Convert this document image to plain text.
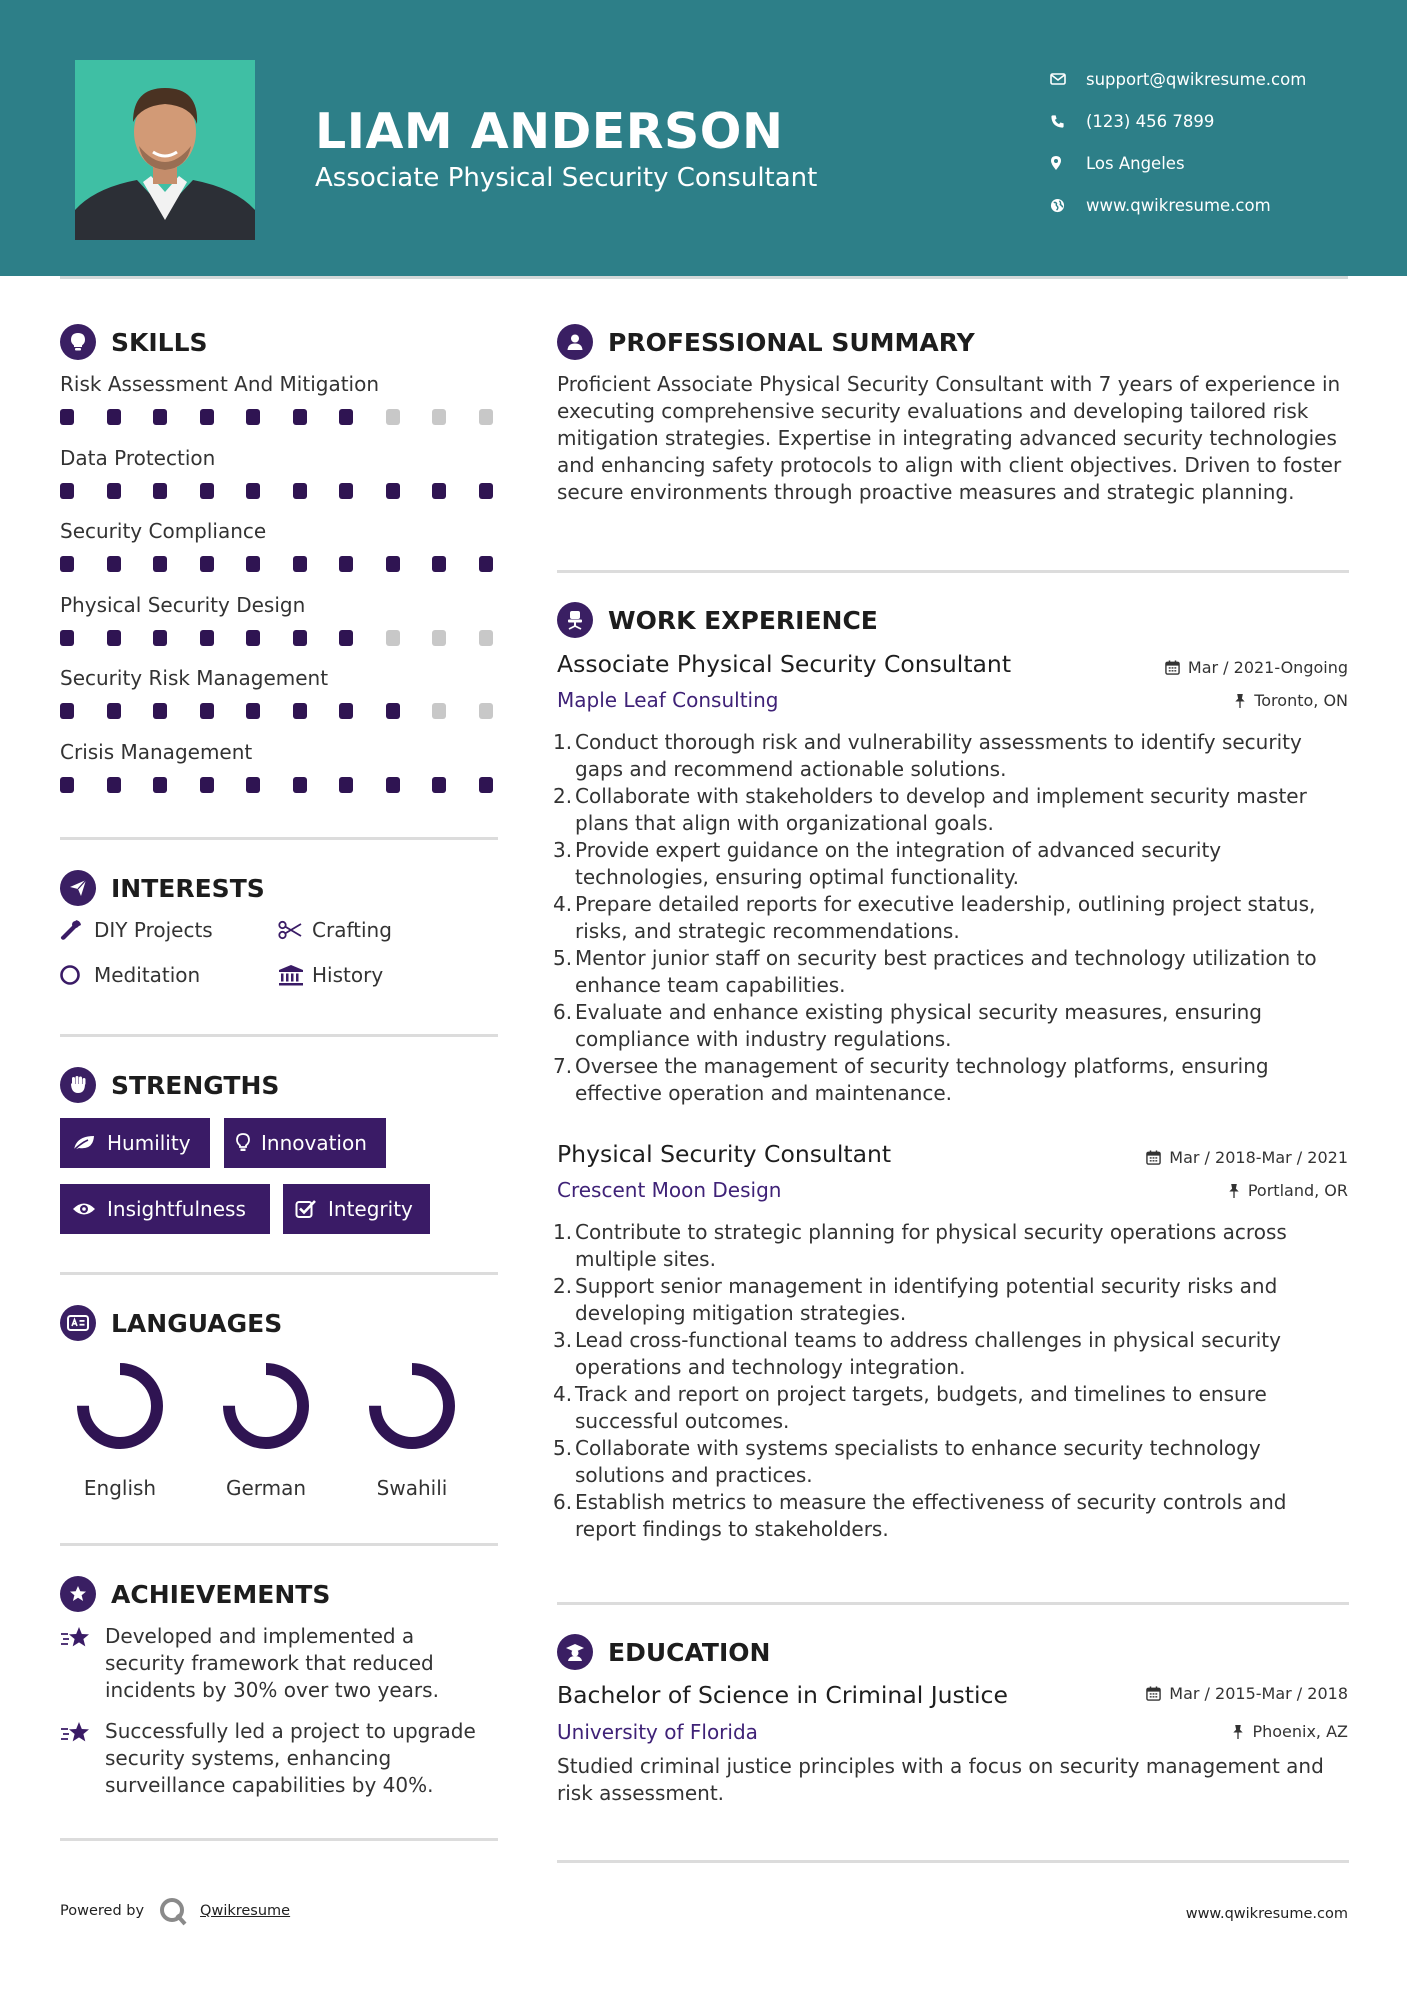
LIAM ANDERSON
Associate Physical Security Consultant
support@qwikresume.com
(123) 456 7899
Los Angeles
www.qwikresume.com
SKILLS
Risk Assessment And Mitigation
Data Protection
Security Compliance
Physical Security Design
Security Risk Management
Crisis Management
INTERESTS
DIY Projects	Crafting
Meditation	History
STRENGTHS
Humility	Innovation
Insightfulness	Integrity
LANGUAGES
English	German	Swahili
ACHIEVEMENTS
Developed and implemented a security framework that reduced incidents by 30% over two years.
Successfully led a project to upgrade security systems, enhancing surveillance capabilities by 40%.
PROFESSIONAL SUMMARY
Proficient Associate Physical Security Consultant with 7 years of experience in executing comprehensive security evaluations and developing tailored risk mitigation strategies. Expertise in integrating advanced security technologies and enhancing safety protocols to align with client objectives. Driven to foster secure environments through proactive measures and strategic planning.
WORK EXPERIENCE
Associate Physical Security Consultant	Mar / 2021-Ongoing
Maple Leaf Consulting	Toronto, ON
Conduct thorough risk and vulnerability assessments to identify security gaps and recommend actionable solutions.
Collaborate with stakeholders to develop and implement security master plans that align with organizational goals.
Provide expert guidance on the integration of advanced security technologies, ensuring optimal functionality.
Prepare detailed reports for executive leadership, outlining project status, risks, and strategic recommendations.
Mentor junior staff on security best practices and technology utilization to enhance team capabilities.
Evaluate and enhance existing physical security measures, ensuring compliance with industry regulations.
Oversee the management of security technology platforms, ensuring effective operation and maintenance.
Physical Security Consultant	Mar / 2018-Mar / 2021
Crescent Moon Design	Portland, OR
Contribute to strategic planning for physical security operations across multiple sites.
Support senior management in identifying potential security risks and developing mitigation strategies.
Lead cross-functional teams to address challenges in physical security operations and technology integration.
Track and report on project targets, budgets, and timelines to ensure successful outcomes.
Collaborate with systems specialists to enhance security technology solutions and practices.
Establish metrics to measure the effectiveness of security controls and report findings to stakeholders.
EDUCATION
Bachelor of Science in Criminal Justice	Mar / 2015-Mar / 2018
University of Florida	Phoenix, AZ
Studied criminal justice principles with a focus on security management and risk assessment.
Powered by	Qwikresume	www.qwikresume.com
